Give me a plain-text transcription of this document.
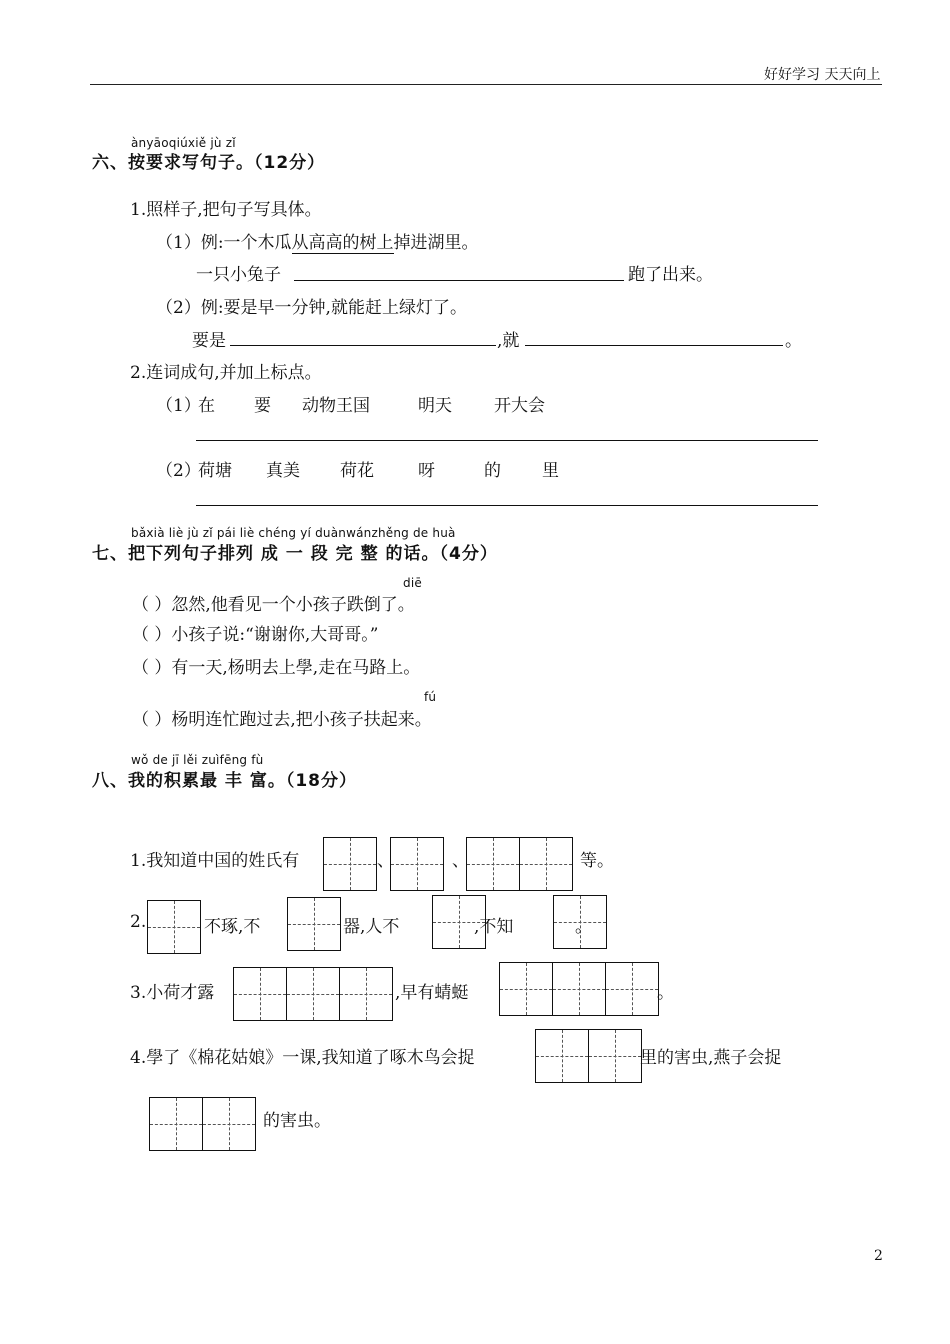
好好学习 天天向上
ànyāoqiúxiě jù zǐ
六、按要求写句子。（12分）
1.照样子,把句子写具体。
（1）例:一个木瓜从高高的树上掉进湖里。
一只小兔子	跑了出来。
（2）例:要是早一分钟,就能赶上绿灯了。
要是	,就	。
2.连词成句,并加上标点。
（1）
在 要 动物王国	明天 开大会
（2）
荷塘 真美 荷花	呀	的 里
bǎxià liè jù zǐ pái liè chéng yí duànwánzhěng de huà
七、把下列句子排列 成 一 段 完 整 的话。（4分）
diē
（ ）忽然,他看见一个小孩子跌倒了。
（ ）小孩子说:“谢谢你,大哥哥。”
（ ）有一天,杨明去上學,走在马路上。
fú
（ ）杨明连忙跑过去,把小孩子扶起来。
wǒ de jī lěi zuìfēng fù
八、我的积累最 丰 富。（18分）
1.我知道中国的姓氏有	、	、	等。
2.	不琢,不	器,人不	,不知	。
3.小荷才露	,早有蜻蜓	。
4.學了《棉花姑娘》一课,我知道了啄木鸟会捉	里的害虫,燕子会捉
的害虫。
2
